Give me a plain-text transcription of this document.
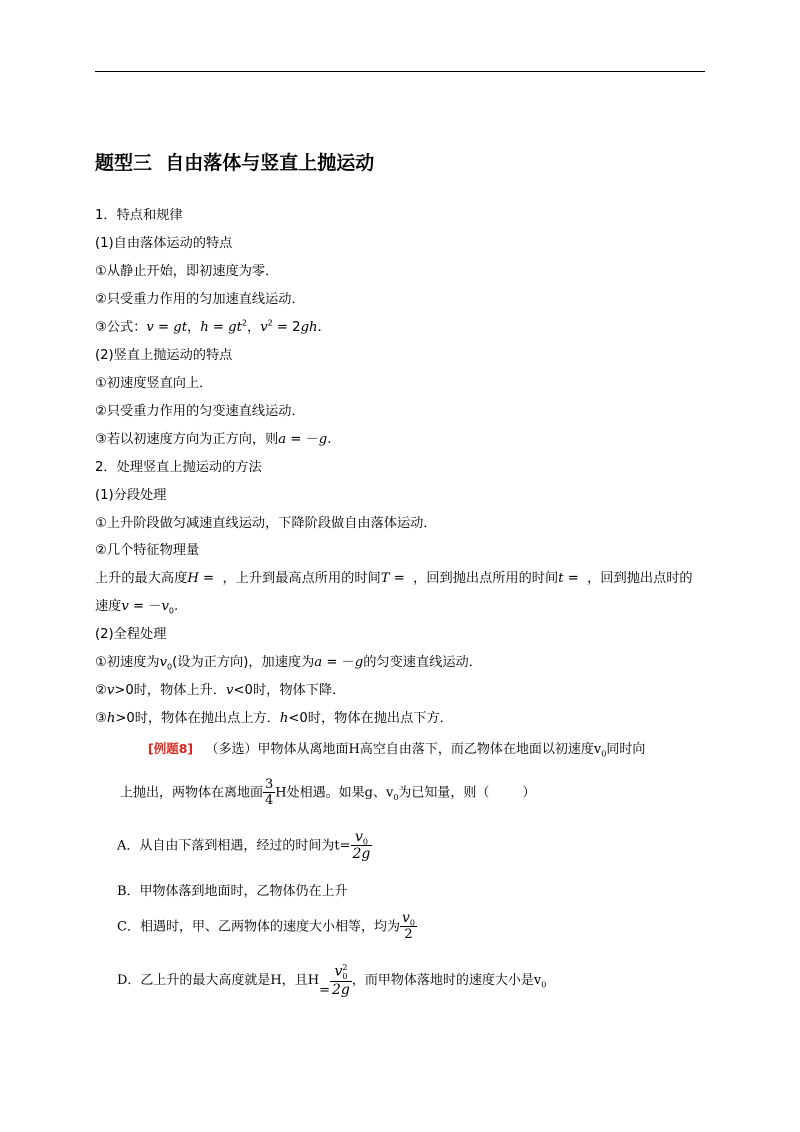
题型三  自由落体与竖直上抛运动
1．特点和规律
(1)自由落体运动的特点
①从静止开始，即初速度为零．
②只受重力作用的匀加速直线运动．
③公式：v = gt，$h = gt^2$，$v^2 = 2gh$.
(2)竖直上抛运动的特点
①初速度竖直向上．
②只受重力作用的匀变速直线运动．
③若以初速度方向为正方向，则a = －g.
2．处理竖直上抛运动的方法
(1)分段处理
①上升阶段做匀减速直线运动，下降阶段做自由落体运动．
②几个特征物理量
上升的最大高度H =  ，上升到最高点所用的时间T =  ，回到抛出点所用的时间t =  ，回到抛出点时的
速度$v = -v_0$.
(2)全程处理
①初速度为$v_0$(设为正方向)，加速度为a = －g的匀变速直线运动．
②v>0时，物体上升．v<0时，物体下降．
③h>0时，物体在抛出点上方．h<0时，物体在抛出点下方．
[例题8] （多选）甲物体从离地面H高空自由落下，而乙物体在地面以初速度$v_0$同时向
上抛出，两物体在离地面 $\frac{3}{4}$ H处相遇。如果g、$v_0$为已知量，则（        ）
A．从自由下落到相遇，经过的时间为$t= \frac{v_0}{2g}$
B．甲物体落到地面时，乙物体仍在上升
C．相遇时，甲、乙两物体的速度大小相等，均为 $\frac{v_0}{2}$
D．乙上升的最大高度就是H，且H= v 2
0
2g ，而甲物体落地时的速度大小是$v_0$
